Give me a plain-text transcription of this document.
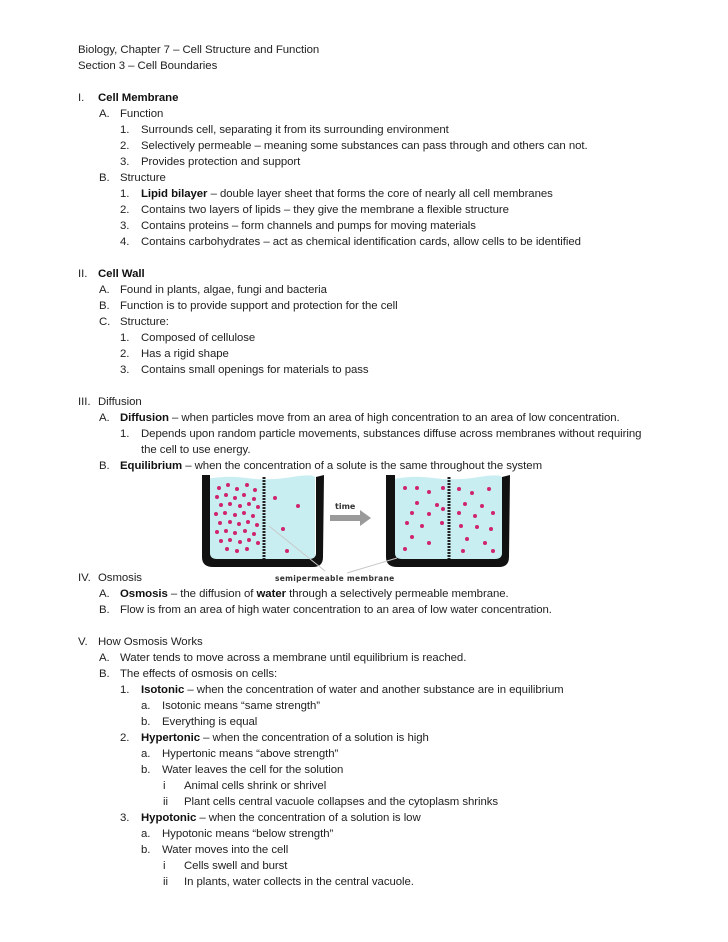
Biology, Chapter 7 – Cell Structure and Function
Section 3 – Cell Boundaries
I. Cell Membrane
A. Function
1. Surrounds cell, separating it from its surrounding environment
2. Selectively permeable – meaning some substances can pass through and others can not.
3. Provides protection and support
B. Structure
1. Lipid bilayer – double layer sheet that forms the core of nearly all cell membranes
2. Contains two layers of lipids – they give the membrane a flexible structure
3. Contains proteins – form channels and pumps for moving materials
4. Contains carbohydrates – act as chemical identification cards, allow cells to be identified
II. Cell Wall
A. Found in plants, algae, fungi and bacteria
B. Function is to provide support and protection for the cell
C. Structure:
1. Composed of cellulose
2. Has a rigid shape
3. Contains small openings for materials to pass
III. Diffusion
A. Diffusion – when particles move from an area of high concentration to an area of low concentration.
1. Depends upon random particle movements, substances diffuse across membranes without requiring
the cell to use energy.
B. Equilibrium – when the concentration of a solute is the same throughout the system
time
semipermeable membrane
IV. Osmosis
A. Osmosis – the diffusion of water through a selectively permeable membrane.
B. Flow is from an area of high water concentration to an area of low water concentration.
V. How Osmosis Works
A. Water tends to move across a membrane until equilibrium is reached.
B. The effects of osmosis on cells:
1. Isotonic – when the concentration of water and another substance are in equilibrium
a. Isotonic means “same strength”
b. Everything is equal
2. Hypertonic – when the concentration of a solution is high
a. Hypertonic means “above strength”
b. Water leaves the cell for the solution
i Animal cells shrink or shrivel
ii Plant cells central vacuole collapses and the cytoplasm shrinks
3. Hypotonic – when the concentration of a solution is low
a. Hypotonic means “below strength”
b. Water moves into the cell
i Cells swell and burst
ii In plants, water collects in the central vacuole.
